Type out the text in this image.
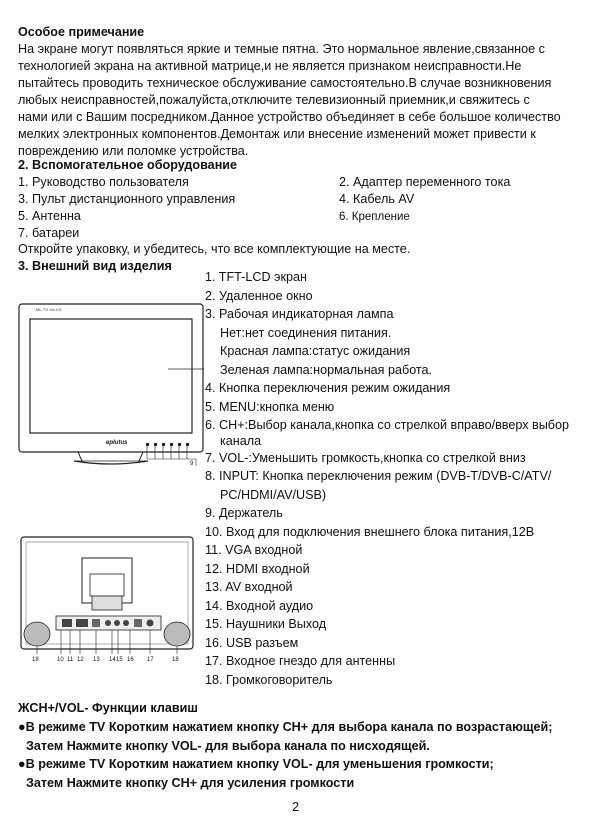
Особое примечание
На экране могут появляться яркие и темные пятна. Это нормальное явление,связанное с
технологией экрана на активной матрице,и не является признаком неисправности.Не
пытайтесь проводить техническое обслуживание самостоятельно.В случае возникновения
любых неисправностей,пожалуйста,отключите телевизионный приемник,и свяжитесь с
нами или с Вашим посредником.Данное устройство объединяет в себе большое количество
мелких электронных компонентов.Демонтаж или внесение изменений может привести к
повреждению или поломке устройства.
2. Вспомогательное оборудование
1. Руководство пользователя	2. Адаптер переменного тока
3. Пульт дистанционного управления	4. Кабель AV
5. Антенна	6. Крепление
7. батареи
Откройте упаковку, и убедитесь, что все комплектующие на месте.
3. Внешний вид изделия
ML-TV 15LCD
eplutus
9
18	10 11 12 13 14 15 16 17	18
1. TFT-LCD экран
2. Удаленное окно
3. Рабочая индикаторная лампа
Нет:нет соединения питания.
Красная лампа:статус ожидания
Зеленая лампа:нормальная работа.
4. Кнопка переключения режим ожидания
5. MENU:кнопка меню
6. CH+:Выбор канала,кнопка со стрелкой вправо/вверх выбор
канала
7. VOL-:Уменьшить громкость,кнопка со стрелкой вниз
8. INPUT: Кнопка переключения режим (DVB-T/DVB-C/ATV/
PC/HDMI/AV/USB)
9. Держатель
10. Вход для подключения внешнего блока питания,12В
11. VGA входной
12. HDMI входной
13. AV входной
14. Входной аудио
15. Наушники Выход
16. USB разъем
17. Входное гнездо для антенны
18. Громкоговоритель
ЖCH+/VOL- Функции клавиш
●В режиме TV Коротким нажатием кнопку CH+ для выбора канала по возрастающей;
Затем Нажмите кнопку VOL- для выбора канала по нисходящей.
●В режиме TV Коротким нажатием кнопку VOL- для уменьшения громкости;
Затем Нажмите кнопку CH+ для усиления громкости
2
